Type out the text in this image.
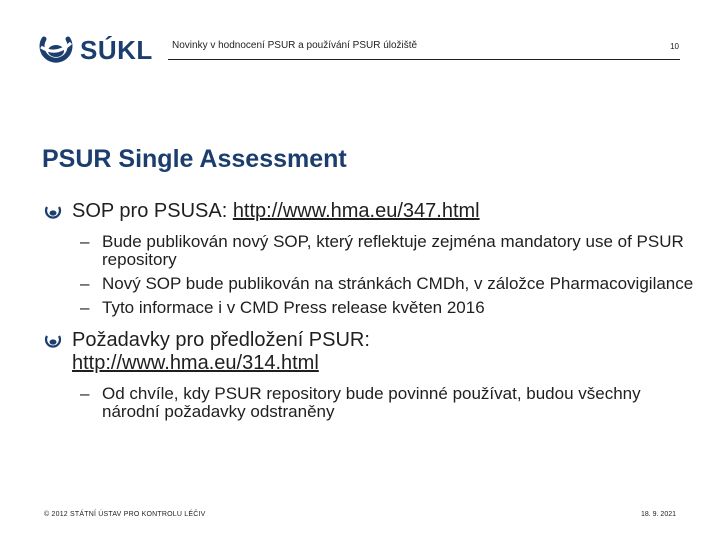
SÚKL Novinky v hodnocení PSUR a používání PSUR úložiště	10
PSUR Single Assessment
SOP pro PSUSA: http://www.hma.eu/347.html
– Bude publikován nový SOP, který reflektuje zejména mandatory use of PSUR repository
– Nový SOP bude publikován na stránkách CMDh, v záložce Pharmacovigilance
– Tyto informace i v CMD Press release květen 2016
Požadavky pro předložení PSUR:
http://www.hma.eu/314.html
– Od chvíle, kdy PSUR repository bude povinné používat, budou všechny národní požadavky odstraněny
© 2012 STÁTNÍ ÚSTAV PRO KONTROLU LÉČIV	18. 9. 2021
